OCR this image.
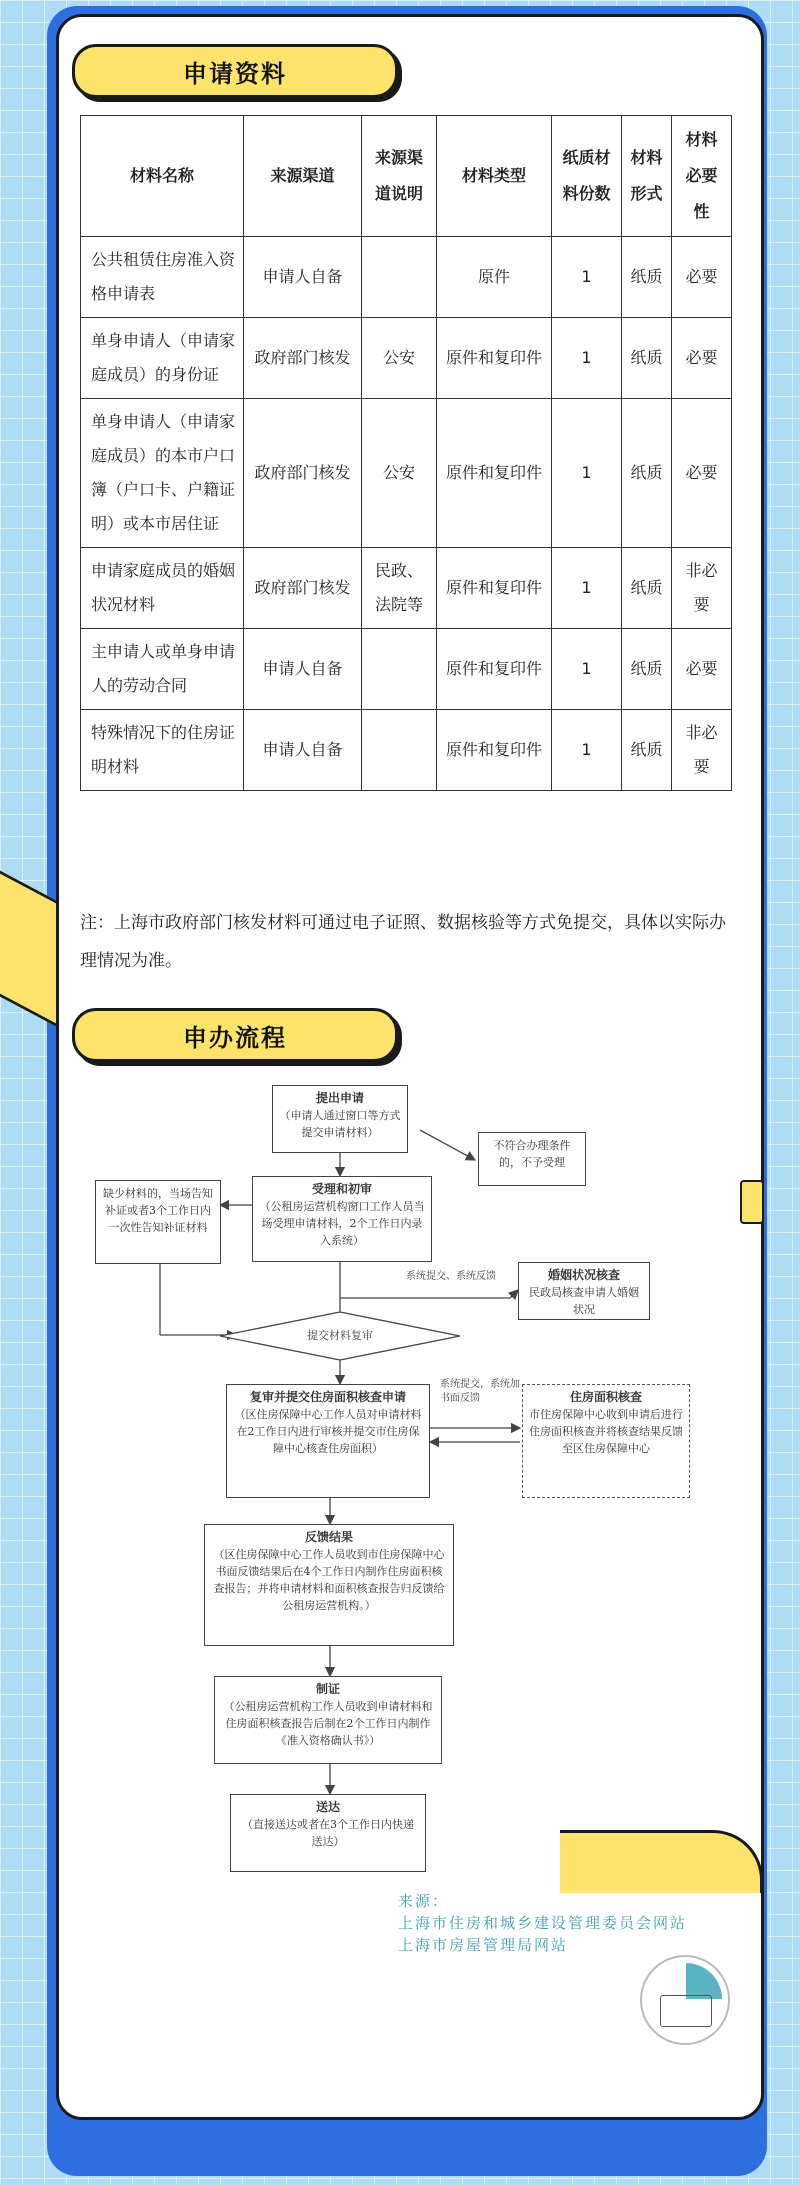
申请资料
材料名称	来源渠道	来源渠道说明	材料类型	纸质材料份数	材料形式	材料必要性
公共租赁住房准入资格申请表	申请人自备		原件	1	纸质	必要
单身申请人（申请家庭成员）的身份证	政府部门核发	公安	原件和复印件	1	纸质	必要
单身申请人（申请家庭成员）的本市户口簿（户口卡、户籍证明）或本市居住证	政府部门核发	公安	原件和复印件	1	纸质	必要
申请家庭成员的婚姻状况材料	政府部门核发	民政、法院等	原件和复印件	1	纸质	非必要
主申请人或单身申请人的劳动合同	申请人自备		原件和复印件	1	纸质	必要
特殊情况下的住房证明材料	申请人自备		原件和复印件	1	纸质	非必要
注：上海市政府部门核发材料可通过电子证照、数据核验等方式免提交，具体以实际办理情况为准。
申办流程
提出申请
（申请人通过窗口等方式提交申请材料）
不符合办理条件的，不予受理
缺少材料的，当场告知补证或者3个工作日内一次性告知补证材料
受理和初审
（公租房运营机构窗口工作人员当场受理申请材料，2个工作日内录入系统）
系统提交、系统反馈	婚姻状况核查
民政局核查申请人婚姻状况
提交材料复审
复审并提交住房面积核查申请
（区住房保障中心工作人员对申请材料在2工作日内进行审核并提交市住房保障中心核查住房面积）
系统提交，系统加书面反馈	住房面积核查
市住房保障中心收到申请后进行住房面积核查并将核查结果反馈至区住房保障中心
反馈结果
（区住房保障中心工作人员收到市住房保障中心书面反馈结果后在4个工作日内制作住房面积核查报告；并将申请材料和面积核查报告归反馈给公租房运营机构。）
制证
（公租房运营机构工作人员收到申请材料和住房面积核查报告后制在2个工作日内制作《准入资格确认书》）
送达
（直接送达或者在3个工作日内快递送达）
来源：
上海市住房和城乡建设管理委员会网站
上海市房屋管理局网站
